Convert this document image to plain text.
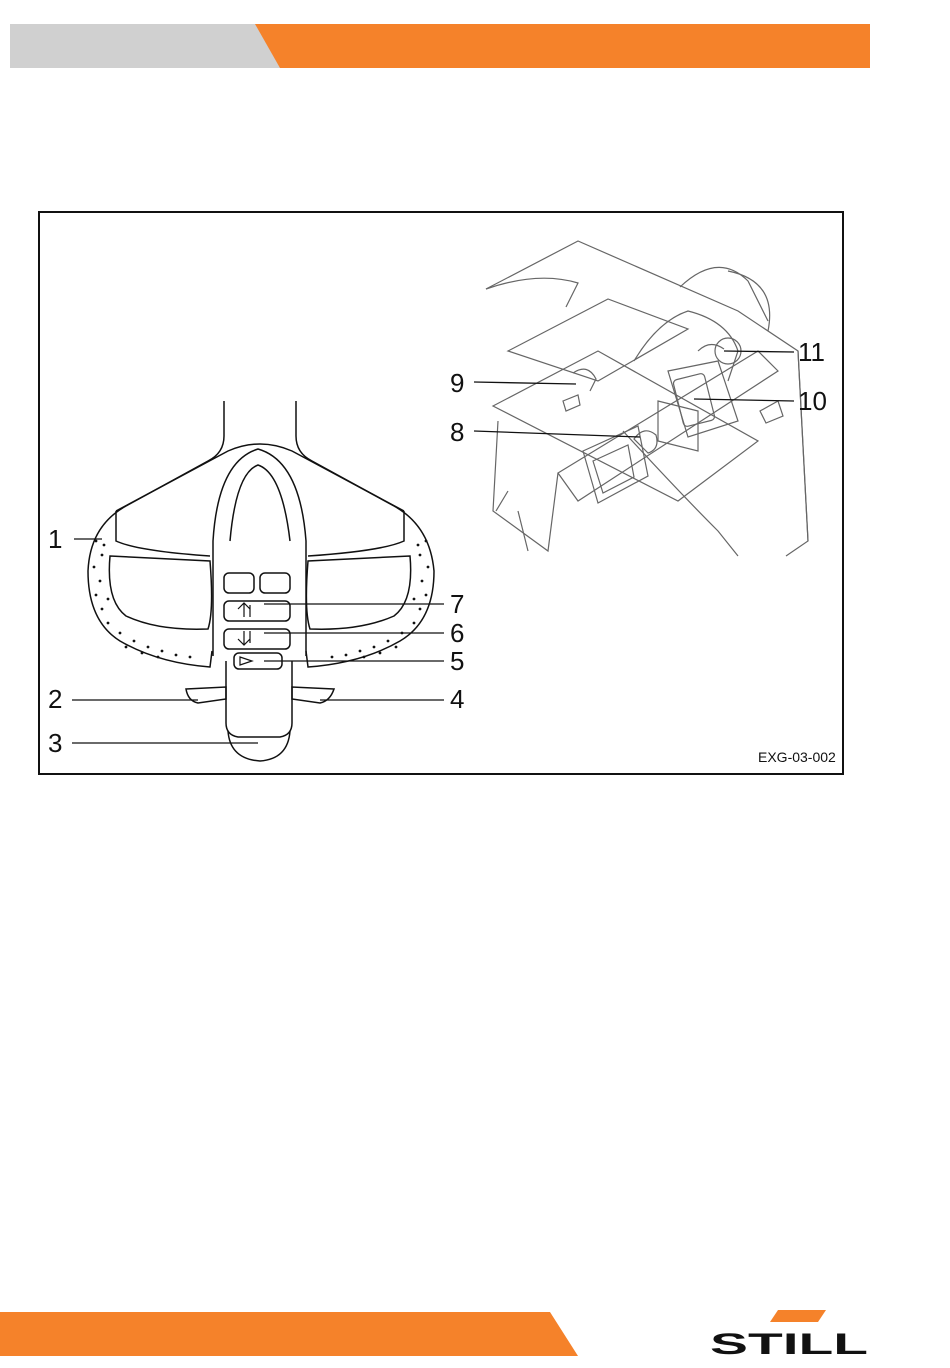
1
2
3
4
5
6
7
8
9
10
11
EXG-03-002
STILL
